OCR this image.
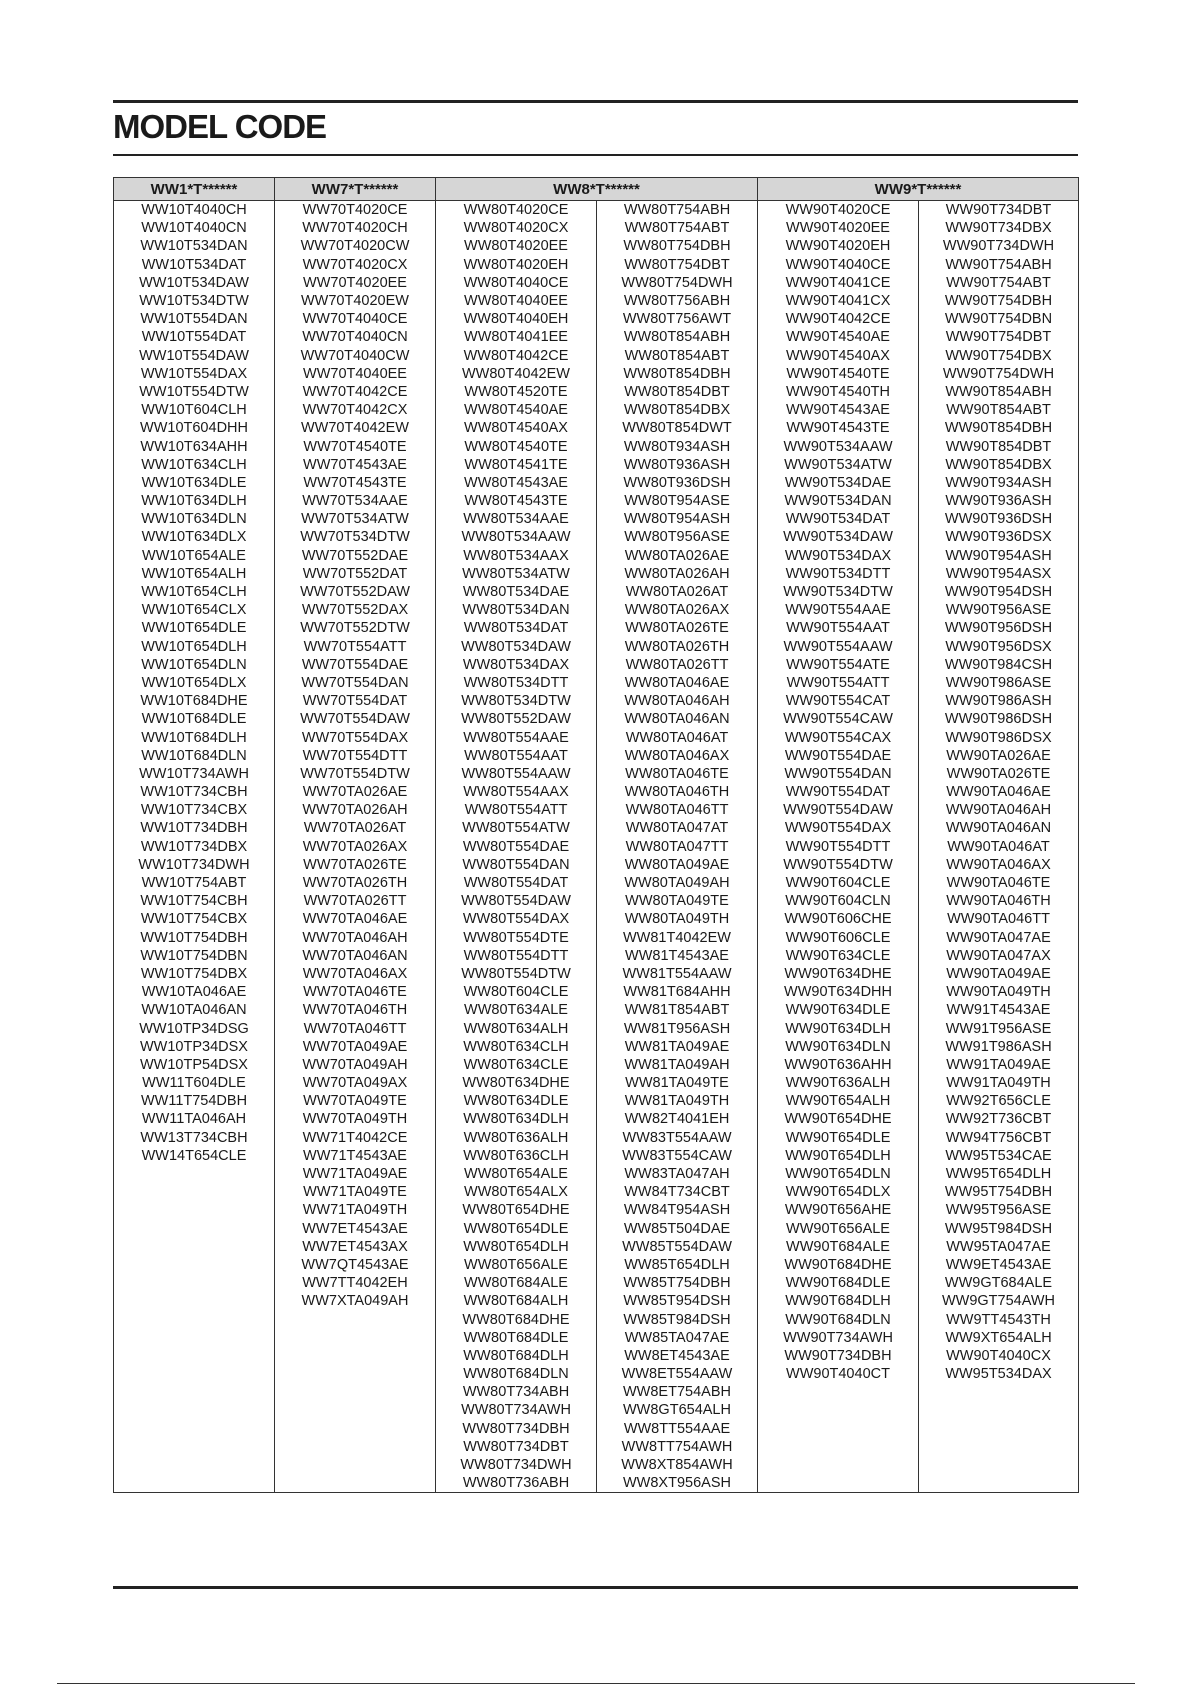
MODEL CODE
WW1*T******	WW7*T******	WW8*T******		WW9*T******	
WW10T4040CH	WW70T4020CE	WW80T4020CE	WW80T754ABH	WW90T4020CE	WW90T734DBT
WW10T4040CN	WW70T4020CH	WW80T4020CX	WW80T754ABT	WW90T4020EE	WW90T734DBX
WW10T534DAN	WW70T4020CW	WW80T4020EE	WW80T754DBH	WW90T4020EH	WW90T734DWH
WW10T534DAT	WW70T4020CX	WW80T4020EH	WW80T754DBT	WW90T4040CE	WW90T754ABH
WW10T534DAW	WW70T4020EE	WW80T4040CE	WW80T754DWH	WW90T4041CE	WW90T754ABT
WW10T534DTW	WW70T4020EW	WW80T4040EE	WW80T756ABH	WW90T4041CX	WW90T754DBH
WW10T554DAN	WW70T4040CE	WW80T4040EH	WW80T756AWT	WW90T4042CE	WW90T754DBN
WW10T554DAT	WW70T4040CN	WW80T4041EE	WW80T854ABH	WW90T4540AE	WW90T754DBT
WW10T554DAW	WW70T4040CW	WW80T4042CE	WW80T854ABT	WW90T4540AX	WW90T754DBX
WW10T554DAX	WW70T4040EE	WW80T4042EW	WW80T854DBH	WW90T4540TE	WW90T754DWH
WW10T554DTW	WW70T4042CE	WW80T4520TE	WW80T854DBT	WW90T4540TH	WW90T854ABH
WW10T604CLH	WW70T4042CX	WW80T4540AE	WW80T854DBX	WW90T4543AE	WW90T854ABT
WW10T604DHH	WW70T4042EW	WW80T4540AX	WW80T854DWT	WW90T4543TE	WW90T854DBH
WW10T634AHH	WW70T4540TE	WW80T4540TE	WW80T934ASH	WW90T534AAW	WW90T854DBT
WW10T634CLH	WW70T4543AE	WW80T4541TE	WW80T936ASH	WW90T534ATW	WW90T854DBX
WW10T634DLE	WW70T4543TE	WW80T4543AE	WW80T936DSH	WW90T534DAE	WW90T934ASH
WW10T634DLH	WW70T534AAE	WW80T4543TE	WW80T954ASE	WW90T534DAN	WW90T936ASH
WW10T634DLN	WW70T534ATW	WW80T534AAE	WW80T954ASH	WW90T534DAT	WW90T936DSH
WW10T634DLX	WW70T534DTW	WW80T534AAW	WW80T956ASE	WW90T534DAW	WW90T936DSX
WW10T654ALE	WW70T552DAE	WW80T534AAX	WW80TA026AE	WW90T534DAX	WW90T954ASH
WW10T654ALH	WW70T552DAT	WW80T534ATW	WW80TA026AH	WW90T534DTT	WW90T954ASX
WW10T654CLH	WW70T552DAW	WW80T534DAE	WW80TA026AT	WW90T534DTW	WW90T954DSH
WW10T654CLX	WW70T552DAX	WW80T534DAN	WW80TA026AX	WW90T554AAE	WW90T956ASE
WW10T654DLE	WW70T552DTW	WW80T534DAT	WW80TA026TE	WW90T554AAT	WW90T956DSH
WW10T654DLH	WW70T554ATT	WW80T534DAW	WW80TA026TH	WW90T554AAW	WW90T956DSX
WW10T654DLN	WW70T554DAE	WW80T534DAX	WW80TA026TT	WW90T554ATE	WW90T984CSH
WW10T654DLX	WW70T554DAN	WW80T534DTT	WW80TA046AE	WW90T554ATT	WW90T986ASE
WW10T684DHE	WW70T554DAT	WW80T534DTW	WW80TA046AH	WW90T554CAT	WW90T986ASH
WW10T684DLE	WW70T554DAW	WW80T552DAW	WW80TA046AN	WW90T554CAW	WW90T986DSH
WW10T684DLH	WW70T554DAX	WW80T554AAE	WW80TA046AT	WW90T554CAX	WW90T986DSX
WW10T684DLN	WW70T554DTT	WW80T554AAT	WW80TA046AX	WW90T554DAE	WW90TA026AE
WW10T734AWH	WW70T554DTW	WW80T554AAW	WW80TA046TE	WW90T554DAN	WW90TA026TE
WW10T734CBH	WW70TA026AE	WW80T554AAX	WW80TA046TH	WW90T554DAT	WW90TA046AE
WW10T734CBX	WW70TA026AH	WW80T554ATT	WW80TA046TT	WW90T554DAW	WW90TA046AH
WW10T734DBH	WW70TA026AT	WW80T554ATW	WW80TA047AT	WW90T554DAX	WW90TA046AN
WW10T734DBX	WW70TA026AX	WW80T554DAE	WW80TA047TT	WW90T554DTT	WW90TA046AT
WW10T734DWH	WW70TA026TE	WW80T554DAN	WW80TA049AE	WW90T554DTW	WW90TA046AX
WW10T754ABT	WW70TA026TH	WW80T554DAT	WW80TA049AH	WW90T604CLE	WW90TA046TE
WW10T754CBH	WW70TA026TT	WW80T554DAW	WW80TA049TE	WW90T604CLN	WW90TA046TH
WW10T754CBX	WW70TA046AE	WW80T554DAX	WW80TA049TH	WW90T606CHE	WW90TA046TT
WW10T754DBH	WW70TA046AH	WW80T554DTE	WW81T4042EW	WW90T606CLE	WW90TA047AE
WW10T754DBN	WW70TA046AN	WW80T554DTT	WW81T4543AE	WW90T634CLE	WW90TA047AX
WW10T754DBX	WW70TA046AX	WW80T554DTW	WW81T554AAW	WW90T634DHE	WW90TA049AE
WW10TA046AE	WW70TA046TE	WW80T604CLE	WW81T684AHH	WW90T634DHH	WW90TA049TH
WW10TA046AN	WW70TA046TH	WW80T634ALE	WW81T854ABT	WW90T634DLE	WW91T4543AE
WW10TP34DSG	WW70TA046TT	WW80T634ALH	WW81T956ASH	WW90T634DLH	WW91T956ASE
WW10TP34DSX	WW70TA049AE	WW80T634CLH	WW81TA049AE	WW90T634DLN	WW91T986ASH
WW10TP54DSX	WW70TA049AH	WW80T634CLE	WW81TA049AH	WW90T636AHH	WW91TA049AE
WW11T604DLE	WW70TA049AX	WW80T634DHE	WW81TA049TE	WW90T636ALH	WW91TA049TH
WW11T754DBH	WW70TA049TE	WW80T634DLE	WW81TA049TH	WW90T654ALH	WW92T656CLE
WW11TA046AH	WW70TA049TH	WW80T634DLH	WW82T4041EH	WW90T654DHE	WW92T736CBT
WW13T734CBH	WW71T4042CE	WW80T636ALH	WW83T554AAW	WW90T654DLE	WW94T756CBT
WW14T654CLE	WW71T4543AE	WW80T636CLH	WW83T554CAW	WW90T654DLH	WW95T534CAE
	WW71TA049AE	WW80T654ALE	WW83TA047AH	WW90T654DLN	WW95T654DLH
	WW71TA049TE	WW80T654ALX	WW84T734CBT	WW90T654DLX	WW95T754DBH
	WW71TA049TH	WW80T654DHE	WW84T954ASH	WW90T656AHE	WW95T956ASE
	WW7ET4543AE	WW80T654DLE	WW85T504DAE	WW90T656ALE	WW95T984DSH
	WW7ET4543AX	WW80T654DLH	WW85T554DAW	WW90T684ALE	WW95TA047AE
	WW7QT4543AE	WW80T656ALE	WW85T654DLH	WW90T684DHE	WW9ET4543AE
	WW7TT4042EH	WW80T684ALE	WW85T754DBH	WW90T684DLE	WW9GT684ALE
	WW7XTA049AH	WW80T684ALH	WW85T954DSH	WW90T684DLH	WW9GT754AWH
		WW80T684DHE	WW85T984DSH	WW90T684DLN	WW9TT4543TH
		WW80T684DLE	WW85TA047AE	WW90T734AWH	WW9XT654ALH
		WW80T684DLH	WW8ET4543AE	WW90T734DBH	WW90T4040CX
		WW80T684DLN	WW8ET554AAW	WW90T4040CT	WW95T534DAX
		WW80T734ABH	WW8ET754ABH		
		WW80T734AWH	WW8GT654ALH		
		WW80T734DBH	WW8TT554AAE		
		WW80T734DBT	WW8TT754AWH		
		WW80T734DWH	WW8XT854AWH		
		WW80T736ABH	WW8XT956ASH		
